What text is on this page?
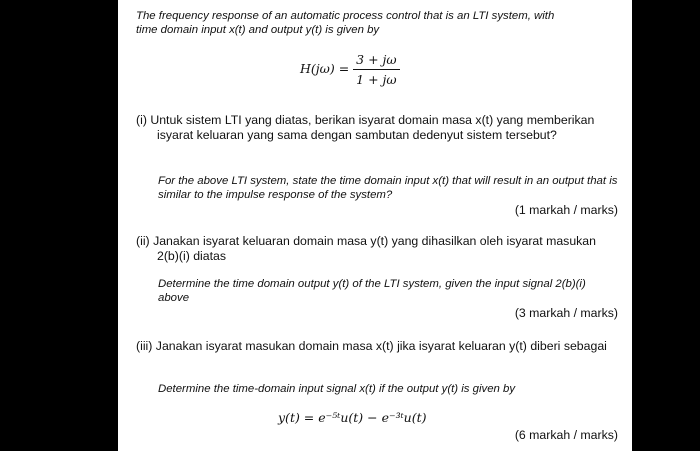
The frequency response of an automatic process control that is an LTI system, with
time domain input x(t) and output y(t) is given by
$H(j\omega) = \frac{3 + j\omega}{1 + j\omega}$
(i) Untuk sistem LTI yang diatas, berikan isyarat domain masa x(t) yang memberikan isyarat keluaran yang sama dengan sambutan dedenyut sistem tersebut?
For the above LTI system, state the time domain input x(t) that will result in an output that is similar to the impulse response of the system?
(1 markah / marks)
(ii) Janakan isyarat keluaran domain masa y(t) yang dihasilkan oleh isyarat masukan 2(b)(i) diatas
Determine the time domain output y(t) of the LTI system, given the input signal 2(b)(i) above
(3 markah / marks)
(iii) Janakan isyarat masukan domain masa x(t) jika isyarat keluaran y(t) diberi sebagai
Determine the time-domain input signal x(t) if the output y(t) is given by
y(t) = e⁻⁵ᵗu(t) − e⁻³ᵗu(t)
(6 markah / marks)
